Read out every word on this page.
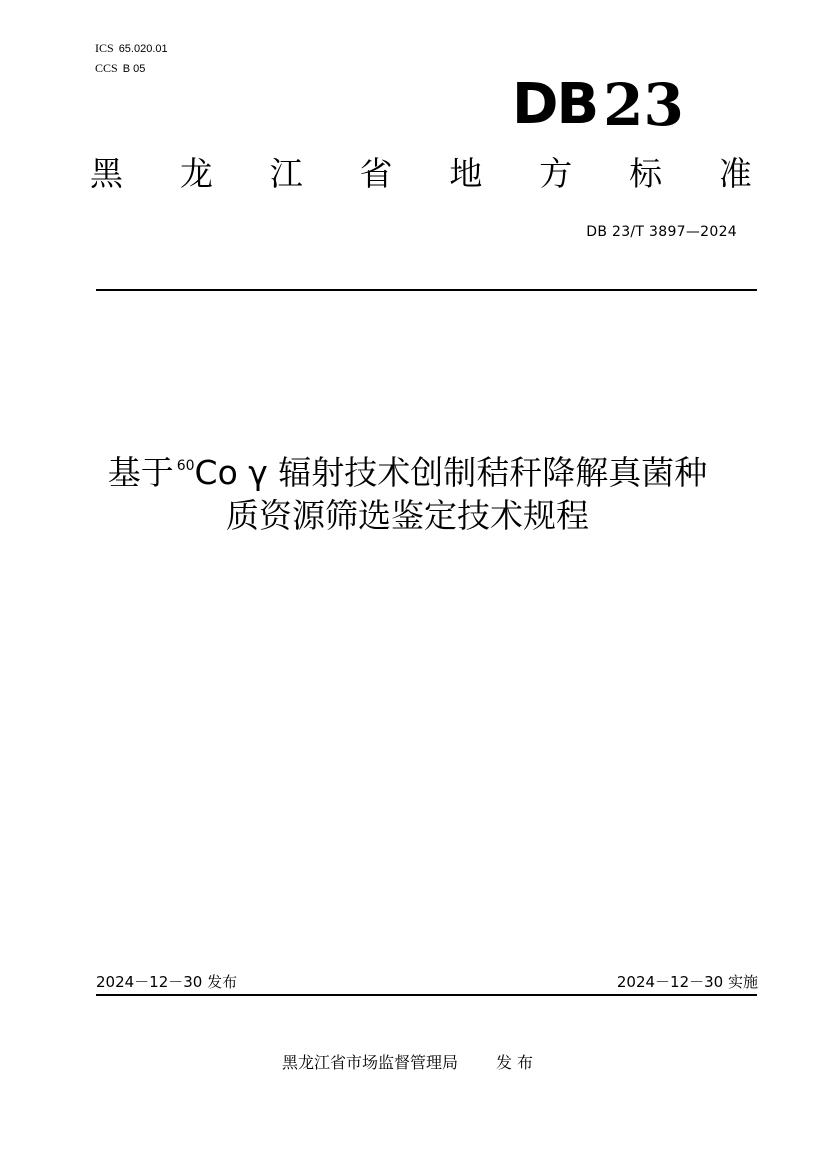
ICS 65.020.01
CCS B 05
DB 23
黑 龙 江 省 地 方 标 准
DB 23/T 3897—2024
基于 $^{60}$Co γ 辐射技术创制秸秆降解真菌种
质资源筛选鉴定技术规程
2024－12－30 发布	2024－12－30 实施
黑龙江省市场监督管理局 发 布
